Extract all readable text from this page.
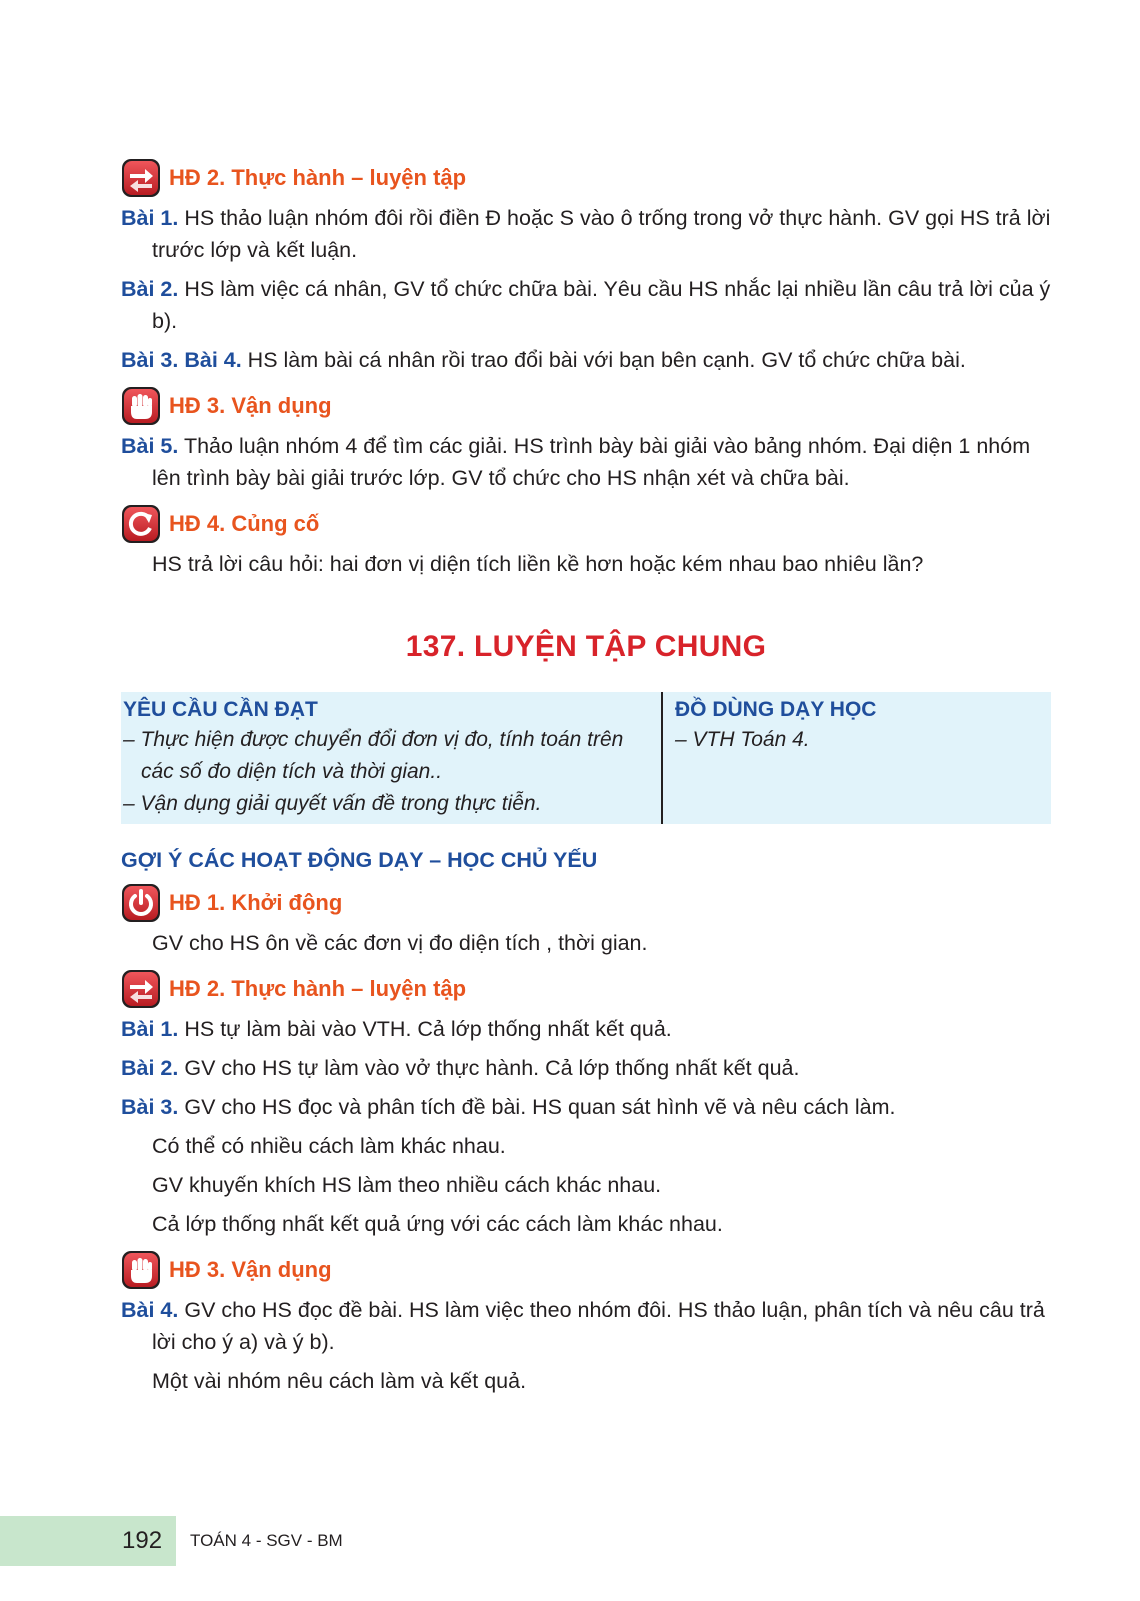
HĐ 2. Thực hành – luyện tập

Bài 1. HS thảo luận nhóm đôi rồi điền Đ hoặc S vào ô trống trong vở thực hành. GV gọi HS trả lời trước lớp và kết luận.

Bài 2. HS làm việc cá nhân, GV tổ chức chữa bài. Yêu cầu HS nhắc lại nhiều lần câu trả lời của ý b).

Bài 3. Bài 4. HS làm bài cá nhân rồi trao đổi bài với bạn bên cạnh. GV tổ chức chữa bài.

HĐ 3. Vận dụng

Bài 5. Thảo luận nhóm 4 để tìm các giải. HS trình bày bài giải vào bảng nhóm. Đại diện 1 nhóm lên trình bày bài giải trước lớp. GV tổ chức cho HS nhận xét và chữa bài.

HĐ 4. Củng cố

HS trả lời câu hỏi: hai đơn vị diện tích liền kề hơn hoặc kém nhau bao nhiêu lần?

137. LUYỆN TẬP CHUNG
YÊU CẦU CẦN ĐẠT

– Thực hiện được chuyển đổi đơn vị đo, tính toán trên các số đo diện tích và thời gian..

– Vận dụng giải quyết vấn đề trong thực tiễn.

ĐỒ DÙNG DẠY HỌC

– VTH Toán 4.

GỢI Ý CÁC HOẠT ĐỘNG DẠY – HỌC CHỦ YẾU
HĐ 1. Khởi động

GV cho HS ôn về các đơn vị đo diện tích , thời gian.

HĐ 2. Thực hành – luyện tập

Bài 1. HS tự làm bài vào VTH. Cả lớp thống nhất kết quả.

Bài 2. GV cho HS tự làm vào vở thực hành. Cả lớp thống nhất kết quả.

Bài 3. GV cho HS đọc và phân tích đề bài. HS quan sát hình vẽ và nêu cách làm.

Có thể có nhiều cách làm khác nhau.

GV khuyến khích HS làm theo nhiều cách khác nhau.

Cả lớp thống nhất kết quả ứng với các cách làm khác nhau.

HĐ 3. Vận dụng

Bài 4. GV cho HS đọc đề bài. HS làm việc theo nhóm đôi. HS thảo luận, phân tích và nêu câu trả lời cho ý a) và ý b).

Một vài nhóm nêu cách làm và kết quả.

192 TOÁN 4 - SGV - BM
